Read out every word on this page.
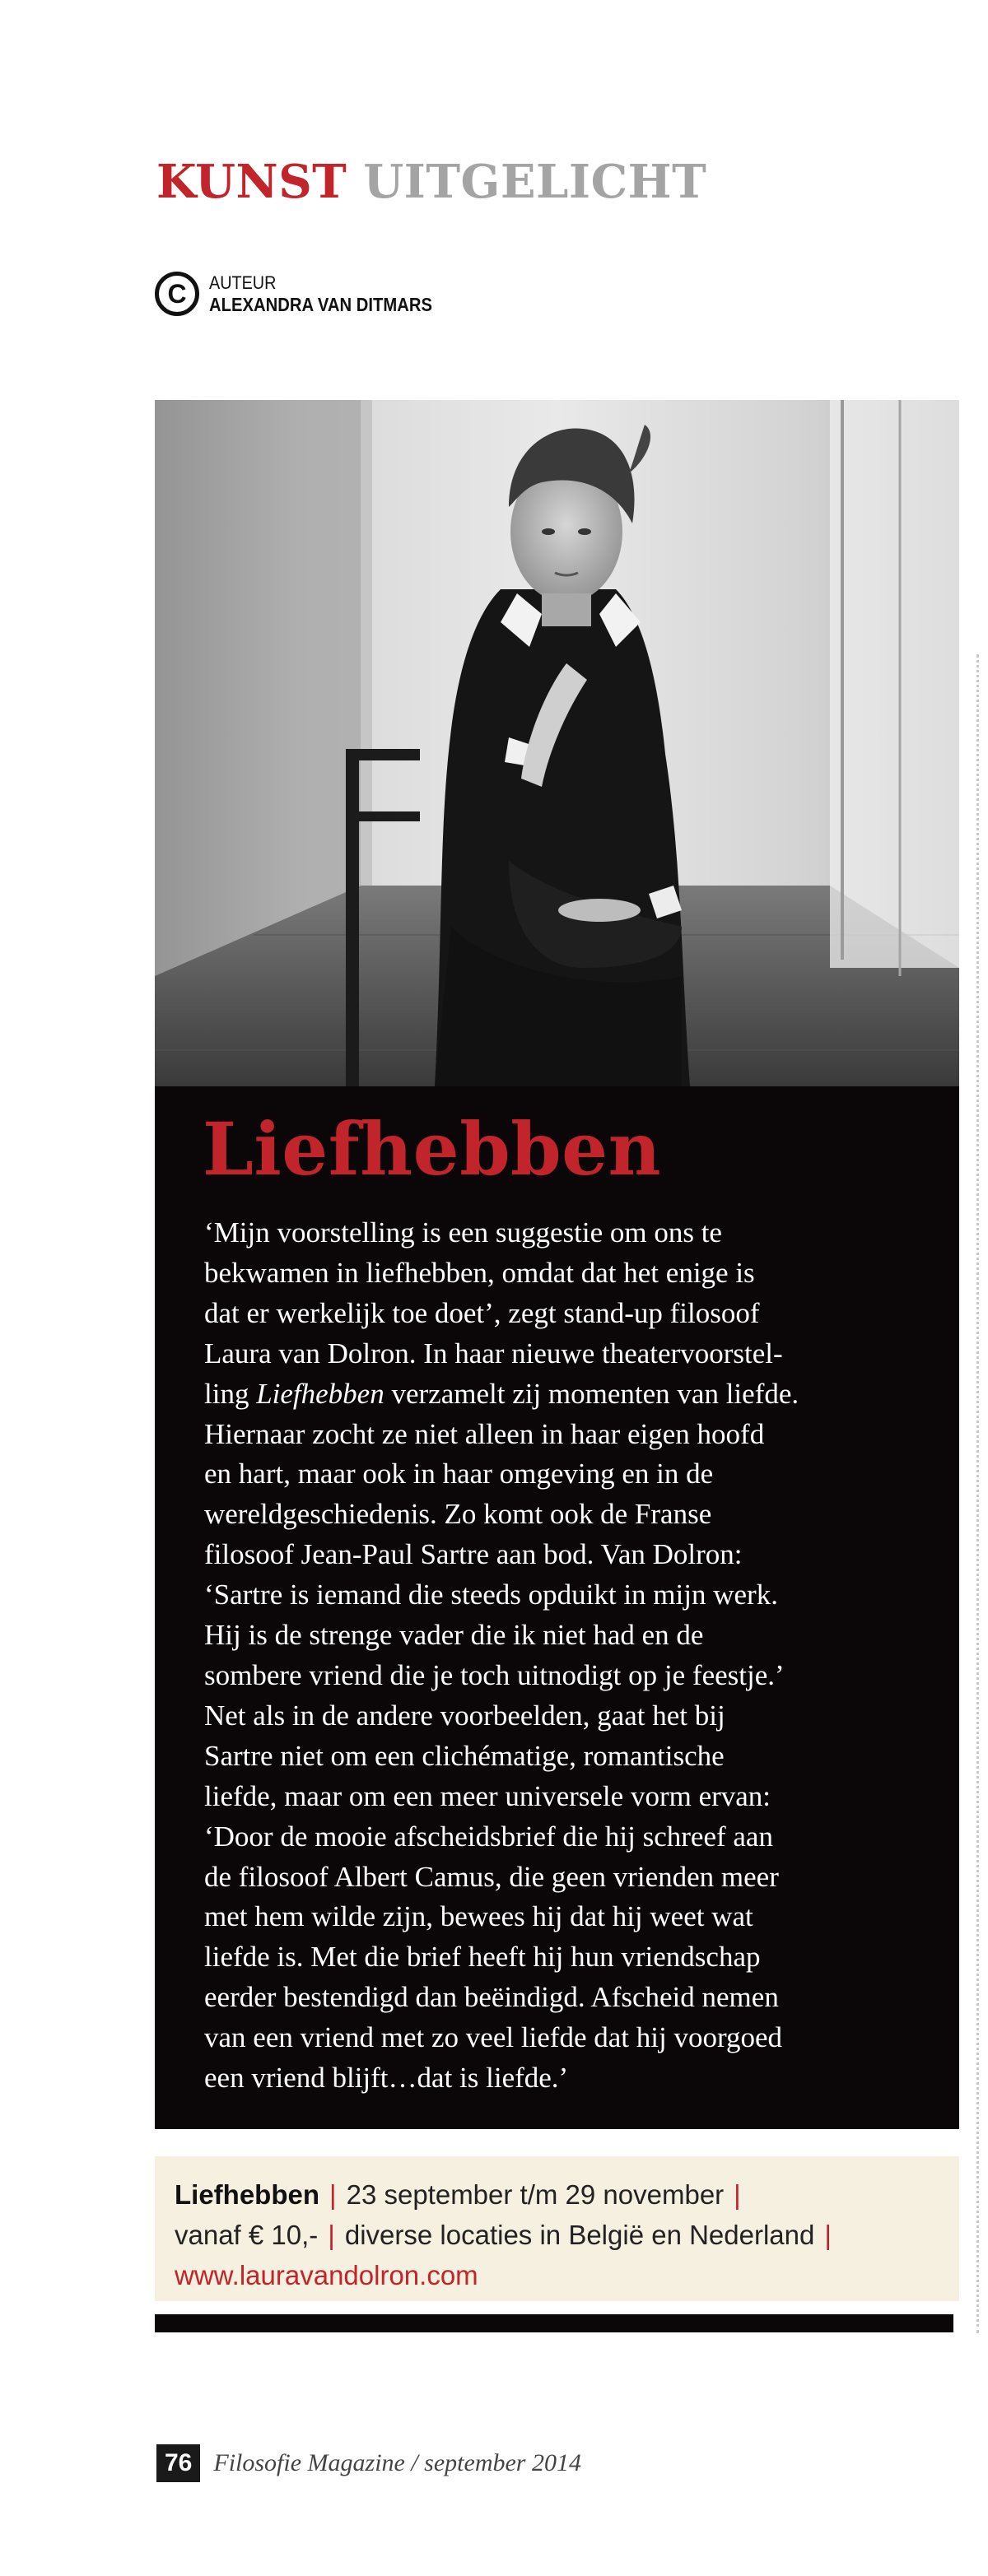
KUNST UITGELICHT
C	AUTEUR
ALEXANDRA VAN DITMARS
Liefhebben

‘Mijn voorstelling is een suggestie om ons te
bekwamen in liefhebben, omdat dat het enige is
dat er werkelijk toe doet’, zegt stand-up filosoof
Laura van Dolron. In haar nieuwe theatervoorstel-
ling Liefhebben verzamelt zij momenten van liefde.
Hiernaar zocht ze niet alleen in haar eigen hoofd
en hart, maar ook in haar omgeving en in de
wereldgeschiedenis. Zo komt ook de Franse
filosoof Jean-Paul Sartre aan bod. Van Dolron:
‘Sartre is iemand die steeds opduikt in mijn werk.
Hij is de strenge vader die ik niet had en de
sombere vriend die je toch uitnodigt op je feestje.’
Net als in de andere voorbeelden, gaat het bij
Sartre niet om een clichématige, romantische
liefde, maar om een meer universele vorm ervan:
‘Door de mooie afscheidsbrief die hij schreef aan
de filosoof Albert Camus, die geen vrienden meer
met hem wilde zijn, bewees hij dat hij weet wat
liefde is. Met die brief heeft hij hun vriendschap
eerder bestendigd dan beëindigd. Afscheid nemen
van een vriend met zo veel liefde dat hij voorgoed
een vriend blijft…dat is liefde.’

Liefhebben | 23 september t/m 29 november |
vanaf € 10,- | diverse locaties in België en Nederland |
www.lauravandolron.com
76 Filosofie Magazine / september 2014
